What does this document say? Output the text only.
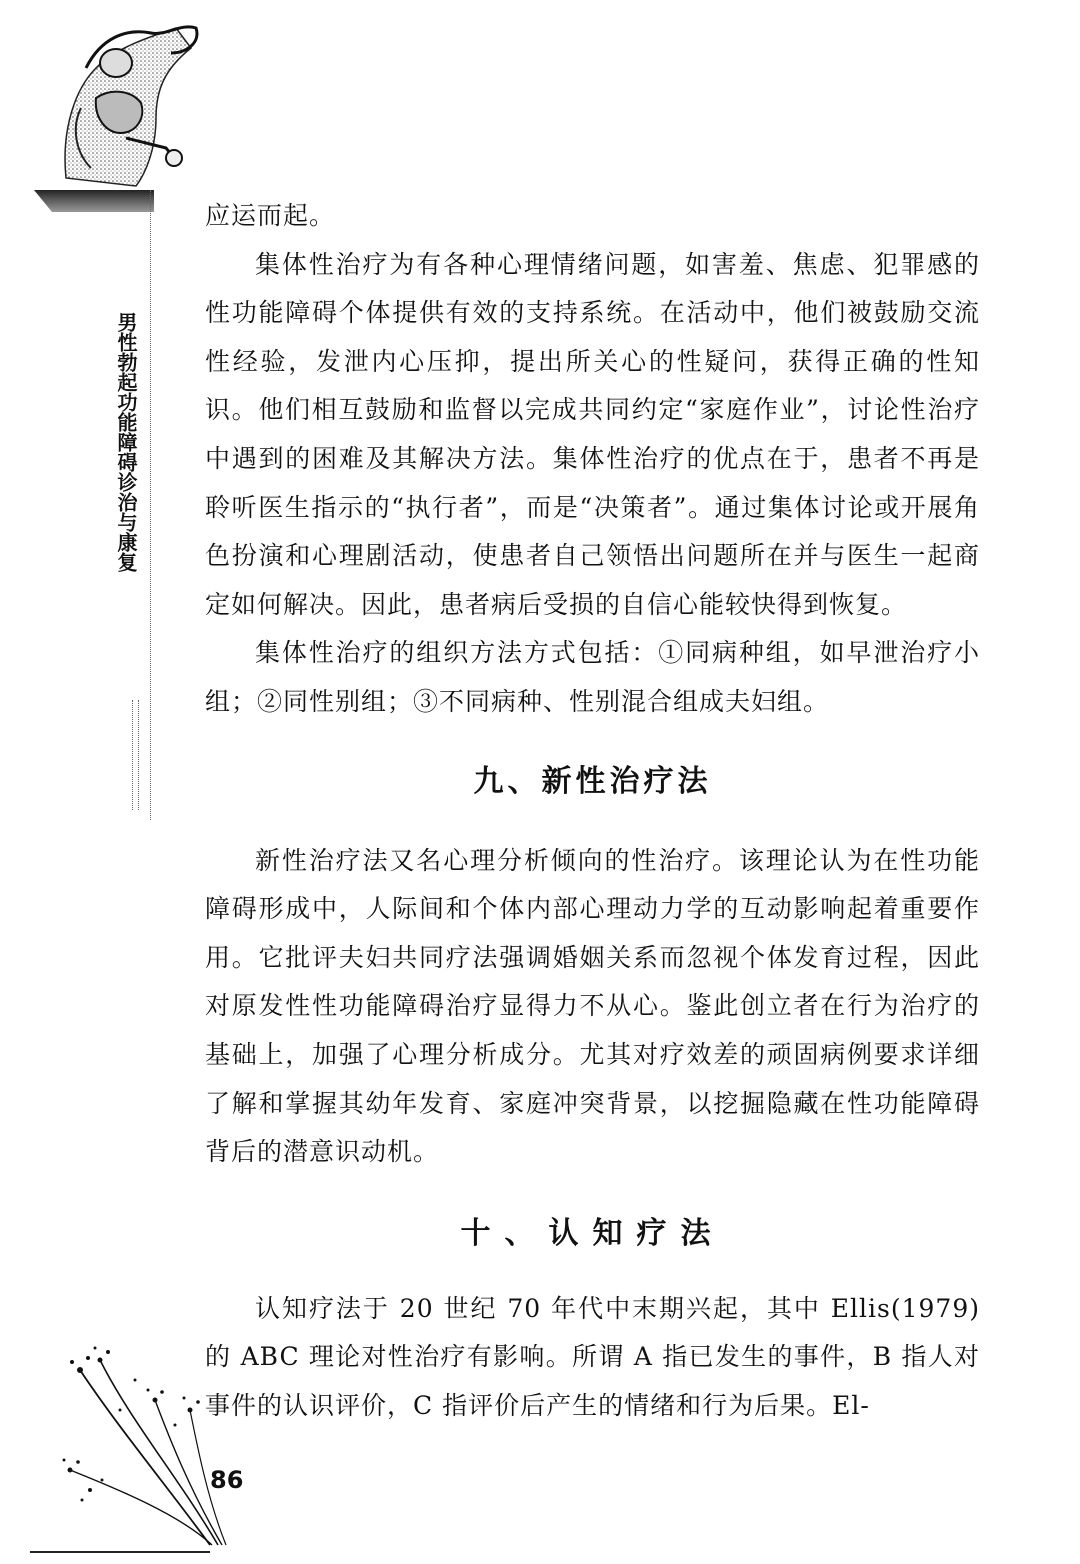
男性勃起功能障碍诊治与康复

应运而起。

集体性治疗为有各种心理情绪问题，如害羞、焦虑、犯罪感的性功能障碍个体提供有效的支持系统。在活动中，他们被鼓励交流性经验，发泄内心压抑，提出所关心的性疑问，获得正确的性知识。他们相互鼓励和监督以完成共同约定“家庭作业”，讨论性治疗中遇到的困难及其解决方法。集体性治疗的优点在于，患者不再是聆听医生指示的“执行者”，而是“决策者”。通过集体讨论或开展角色扮演和心理剧活动，使患者自己领悟出问题所在并与医生一起商定如何解决。因此，患者病后受损的自信心能较快得到恢复。

集体性治疗的组织方法方式包括：①同病种组，如早泄治疗小组；②同性别组；③不同病种、性别混合组成夫妇组。

九、新性治疗法

新性治疗法又名心理分析倾向的性治疗。该理论认为在性功能障碍形成中，人际间和个体内部心理动力学的互动影响起着重要作用。它批评夫妇共同疗法强调婚姻关系而忽视个体发育过程，因此对原发性性功能障碍治疗显得力不从心。鉴此创立者在行为治疗的基础上，加强了心理分析成分。尤其对疗效差的顽固病例要求详细了解和掌握其幼年发育、家庭冲突背景，以挖掘隐藏在性功能障碍背后的潜意识动机。

十、认知疗法

认知疗法于 20 世纪 70 年代中末期兴起，其中 Ellis(1979)的 ABC 理论对性治疗有影响。所谓 A 指已发生的事件，B 指人对事件的认识评价，C 指评价后产生的情绪和行为后果。El-

86
